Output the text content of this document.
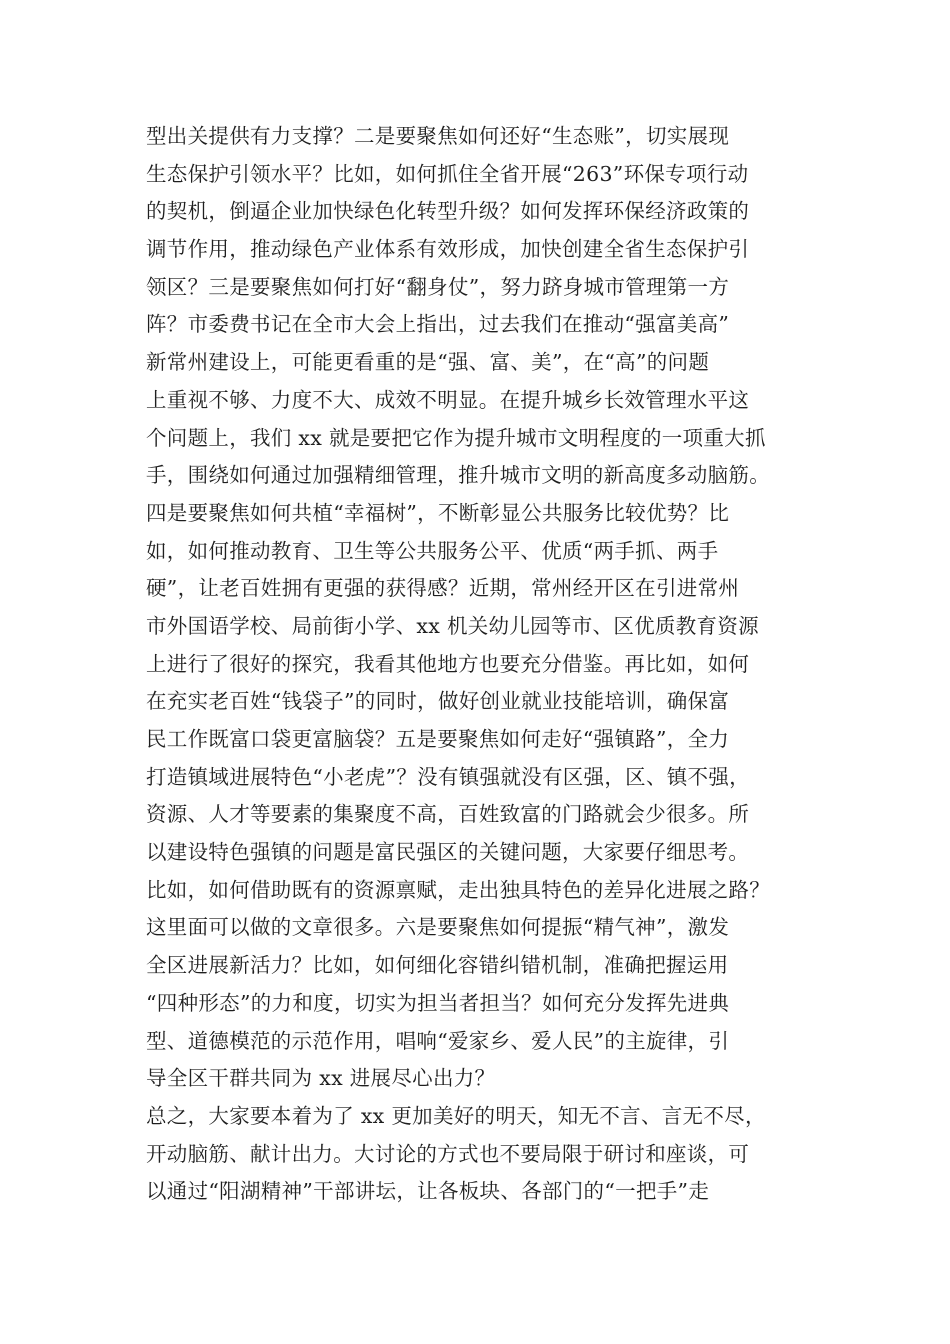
型出关提供有力支撑？二是要聚焦如何还好“生态账”，切实展现
生态保护引领水平？比如，如何抓住全省开展“263”环保专项行动
的契机，倒逼企业加快绿色化转型升级？如何发挥环保经济政策的
调节作用，推动绿色产业体系有效形成，加快创建全省生态保护引
领区？三是要聚焦如何打好“翻身仗”，努力跻身城市管理第一方
阵？市委费书记在全市大会上指出，过去我们在推动“强富美高”
新常州建设上，可能更看重的是“强、富、美”，在“高”的问题
上重视不够、力度不大、成效不明显。在提升城乡长效管理水平这
个问题上，我们 xx 就是要把它作为提升城市文明程度的一项重大抓
手，围绕如何通过加强精细管理，推升城市文明的新高度多动脑筋。
四是要聚焦如何共植“幸福树”，不断彰显公共服务比较优势？比
如，如何推动教育、卫生等公共服务公平、优质“两手抓、两手
硬”，让老百姓拥有更强的获得感？近期，常州经开区在引进常州
市外国语学校、局前街小学、xx 机关幼儿园等市、区优质教育资源
上进行了很好的探究，我看其他地方也要充分借鉴。再比如，如何
在充实老百姓“钱袋子”的同时，做好创业就业技能培训，确保富
民工作既富口袋更富脑袋？五是要聚焦如何走好“强镇路”，全力
打造镇域进展特色“小老虎”？没有镇强就没有区强，区、镇不强，
资源、人才等要素的集聚度不高，百姓致富的门路就会少很多。所
以建设特色强镇的问题是富民强区的关键问题，大家要仔细思考。
比如，如何借助既有的资源禀赋，走出独具特色的差异化进展之路？
这里面可以做的文章很多。六是要聚焦如何提振“精气神”，激发
全区进展新活力？比如，如何细化容错纠错机制，准确把握运用
“四种形态”的力和度，切实为担当者担当？如何充分发挥先进典
型、道德模范的示范作用，唱响“爱家乡、爱人民”的主旋律，引
导全区干群共同为 xx 进展尽心出力？
总之，大家要本着为了 xx 更加美好的明天，知无不言、言无不尽，
开动脑筋、献计出力。大讨论的方式也不要局限于研讨和座谈，可
以通过“阳湖精神”干部讲坛，让各板块、各部门的“一把手”走
